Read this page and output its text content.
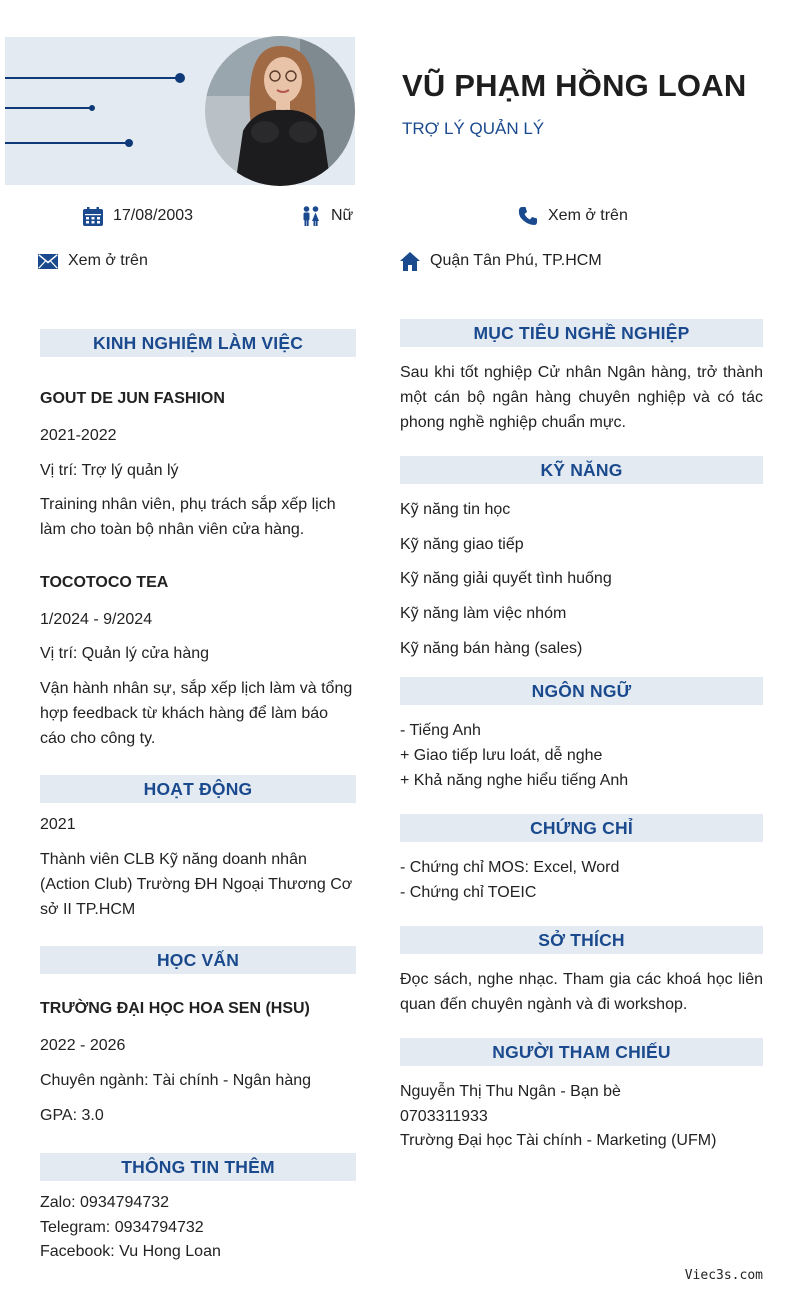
VŨ PHẠM HỒNG LOAN
TRỢ LÝ QUẢN LÝ
17/08/2003	Nữ	Xem ở trên
Xem ở trên	Quận Tân Phú, TP.HCM
KINH NGHIỆM LÀM VIỆC
GOUT DE JUN FASHION
2021-2022
Vị trí: Trợ lý quản lý
Training nhân viên, phụ trách sắp xếp lịch làm cho toàn bộ nhân viên cửa hàng.
TOCOTOCO TEA
1/2024 - 9/2024
Vị trí: Quản lý cửa hàng
Vận hành nhân sự, sắp xếp lịch làm và tổng hợp feedback từ khách hàng để làm báo cáo cho công ty.
HOẠT ĐỘNG
2021
Thành viên CLB Kỹ năng doanh nhân (Action Club) Trường ĐH Ngoại Thương Cơ sở II TP.HCM
HỌC VẤN
TRƯỜNG ĐẠI HỌC HOA SEN (HSU)
2022 - 2026
Chuyên ngành: Tài chính - Ngân hàng
GPA: 3.0
THÔNG TIN THÊM
Zalo: 0934794732
Telegram: 0934794732
Facebook: Vu Hong Loan
MỤC TIÊU NGHỀ NGHIỆP
Sau khi tốt nghiệp Cử nhân Ngân hàng, trở thành một cán bộ ngân hàng chuyên nghiệp và có tác phong nghề nghiệp chuẩn mực.
KỸ NĂNG
Kỹ năng tin học
Kỹ năng giao tiếp
Kỹ năng giải quyết tình huống
Kỹ năng làm việc nhóm
Kỹ năng bán hàng (sales)
NGÔN NGỮ
- Tiếng Anh
+ Giao tiếp lưu loát, dễ nghe
+ Khả năng nghe hiểu tiếng Anh
CHỨNG CHỈ
- Chứng chỉ MOS: Excel, Word
- Chứng chỉ TOEIC
SỞ THÍCH
Đọc sách, nghe nhạc. Tham gia các khoá học liên quan đến chuyên ngành và đi workshop.
NGƯỜI THAM CHIẾU
Nguyễn Thị Thu Ngân - Bạn bè
0703311933
Trường Đại học Tài chính - Marketing (UFM)
Viec3s.com
